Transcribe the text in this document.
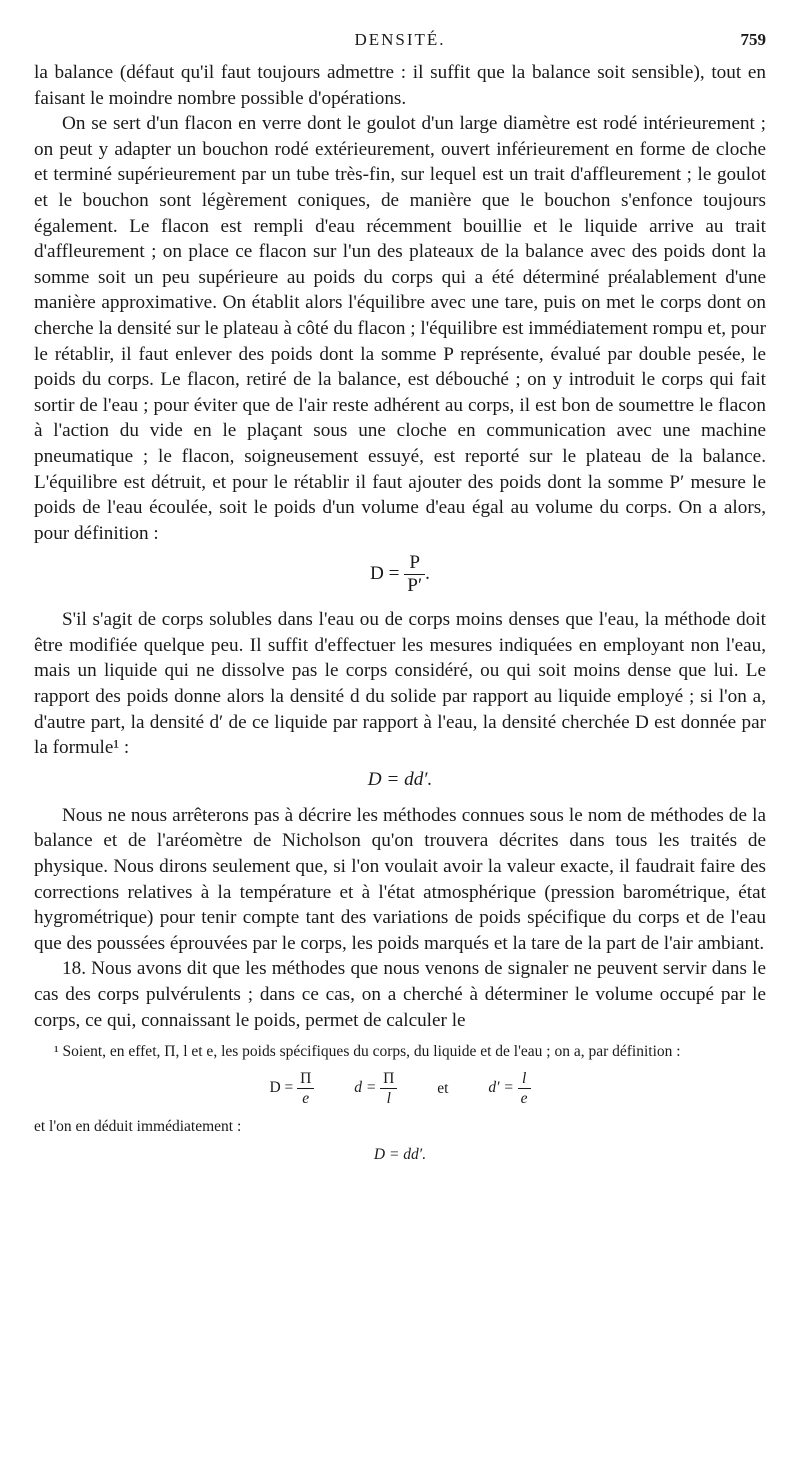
DENSITÉ.	759

la balance (défaut qu'il faut toujours admettre : il suffit que la balance soit sensible), tout en faisant le moindre nombre possible d'opérations.

On se sert d'un flacon en verre dont le goulot d'un large diamètre est rodé intérieurement ; on peut y adapter un bouchon rodé extérieurement, ouvert inférieurement en forme de cloche et terminé supérieurement par un tube très-fin, sur lequel est un trait d'affleurement ; le goulot et le bouchon sont légèrement coniques, de manière que le bouchon s'enfonce toujours également. Le flacon est rempli d'eau récemment bouillie et le liquide arrive au trait d'affleurement ; on place ce flacon sur l'un des plateaux de la balance avec des poids dont la somme soit un peu supérieure au poids du corps qui a été déterminé préalablement d'une manière approximative. On établit alors l'équilibre avec une tare, puis on met le corps dont on cherche la densité sur le plateau à côté du flacon ; l'équilibre est immédiatement rompu et, pour le rétablir, il faut enlever des poids dont la somme P représente, évalué par double pesée, le poids du corps. Le flacon, retiré de la balance, est débouché ; on y introduit le corps qui fait sortir de l'eau ; pour éviter que de l'air reste adhérent au corps, il est bon de soumettre le flacon à l'action du vide en le plaçant sous une cloche en communication avec une machine pneumatique ; le flacon, soigneusement essuyé, est reporté sur le plateau de la balance. L'équilibre est détruit, et pour le rétablir il faut ajouter des poids dont la somme P′ mesure le poids de l'eau écoulée, soit le poids d'un volume d'eau égal au volume du corps. On a alors, pour définition :

$D = \frac{P}{P'}$ .

S'il s'agit de corps solubles dans l'eau ou de corps moins denses que l'eau, la méthode doit être modifiée quelque peu. Il suffit d'effectuer les mesures indiquées en employant non l'eau, mais un liquide qui ne dissolve pas le corps considéré, ou qui soit moins dense que lui. Le rapport des poids donne alors la densité d du solide par rapport au liquide employé ; si l'on a, d'autre part, la densité d′ de ce liquide par rapport à l'eau, la densité cherchée D est donnée par la formule¹ :

D = dd′.

Nous ne nous arrêterons pas à décrire les méthodes connues sous le nom de méthodes de la balance et de l'aréomètre de Nicholson qu'on trouvera décrites dans tous les traités de physique. Nous dirons seulement que, si l'on voulait avoir la valeur exacte, il faudrait faire des corrections relatives à la température et à l'état atmosphérique (pression barométrique, état hygrométrique) pour tenir compte tant des variations de poids spécifique du corps et de l'eau que des poussées éprouvées par le corps, les poids marqués et la tare de la part de l'air ambiant.

18. Nous avons dit que les méthodes que nous venons de signaler ne peuvent servir dans le cas des corps pulvérulents ; dans ce cas, on a cherché à déterminer le volume occupé par le corps, ce qui, connaissant le poids, permet de calculer le

¹ Soient, en effet, Π, l et e, les poids spécifiques du corps, du liquide et de l'eau ; on a, par définition :

$D = \frac{\Pi}{e}$	$d = \frac{\Pi}{l}$	et	$d' = \frac{l}{e}$

et l'on en déduit immédiatement :

D = dd′.
